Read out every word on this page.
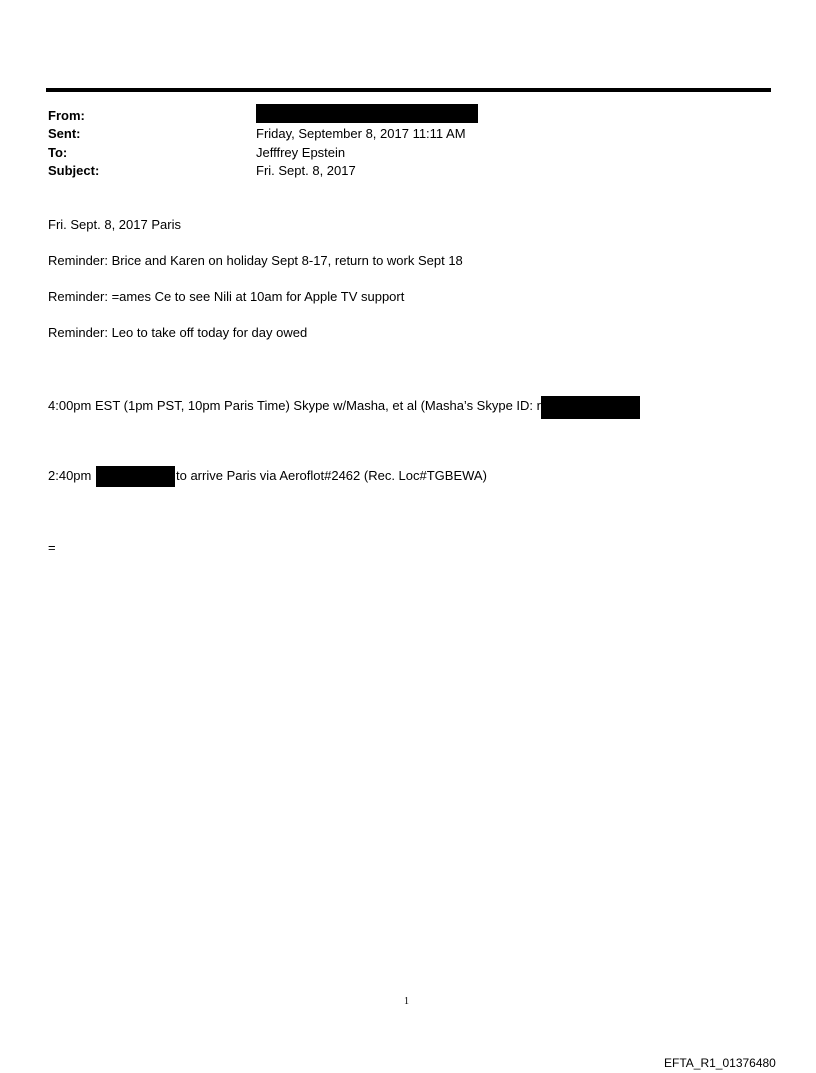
From:
Sent:	Friday, September 8, 2017 11:11 AM
To:	Jefffrey Epstein
Subject:	Fri. Sept. 8, 2017
Fri. Sept. 8, 2017 Paris
Reminder: Brice and Karen on holiday Sept 8-17, return to work Sept 18
Reminder: =ames Ce to see Nili at 10am for Apple TV support
Reminder: Leo to take off today for day owed
4:00pm EST (1pm PST, 10pm Paris Time) Skype w/Masha, et al (Masha’s Skype ID: r
2:40pm	to arrive Paris via Aeroflot#2462 (Rec. Loc#TGBEWA)
=
1
EFTA_R1_01376480
